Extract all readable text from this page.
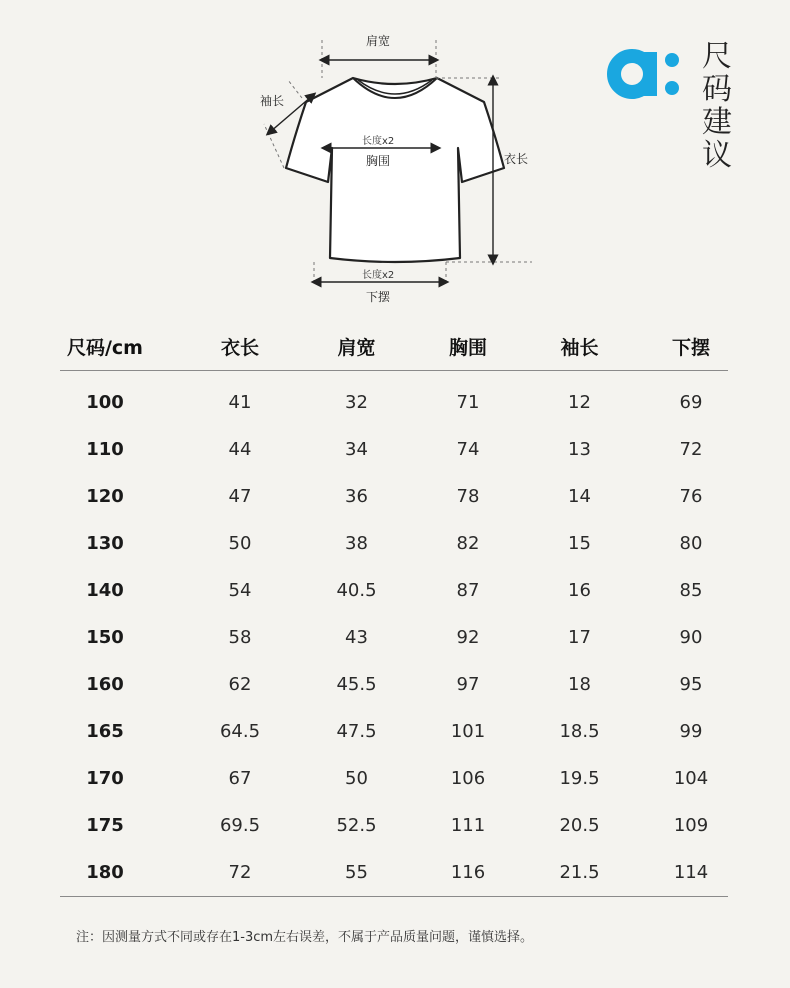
肩宽
袖长
衣长
长度x2
胸围
长度x2
下摆
尺
码
建
议
尺码/cm	衣长	肩宽	胸围	袖长	下摆
100	41	32	71	12	69
110	44	34	74	13	72
120	47	36	78	14	76
130	50	38	82	15	80
140	54	40.5	87	16	85
150	58	43	92	17	90
160	62	45.5	97	18	95
165	64.5	47.5	101	18.5	99
170	67	50	106	19.5	104
175	69.5	52.5	111	20.5	109
180	72	55	116	21.5	114
注：因测量方式不同或存在1-3cm左右误差，不属于产品质量问题，谨慎选择。
